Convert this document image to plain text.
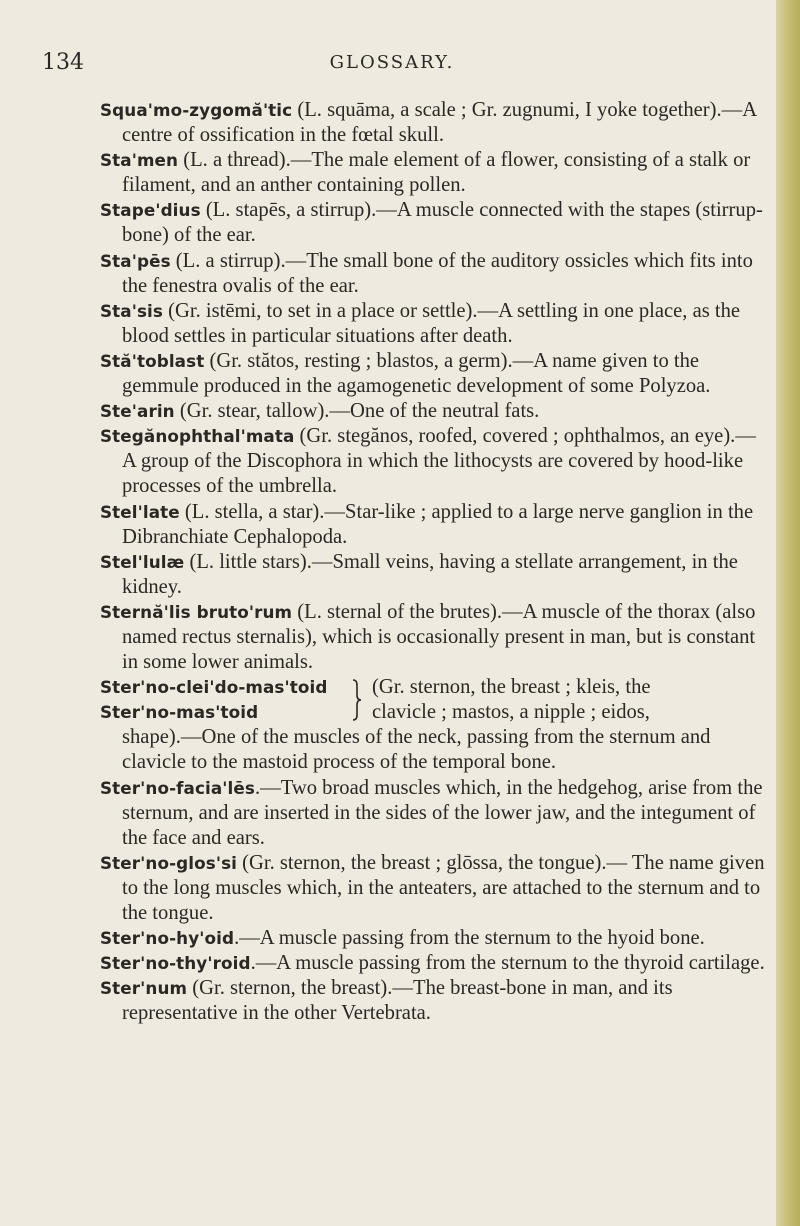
134	GLOSSARY.
Squa'mo-zygomă'tic (L. squāma, a scale ; Gr. zugnumi, I yoke together).—A centre of ossification in the fœtal skull.
Sta'men (L. a thread).—The male element of a flower, consisting of a stalk or filament, and an anther containing pollen.
Stape'dius (L. stapēs, a stirrup).—A muscle connected with the stapes (stirrup-bone) of the ear.
Sta'pēs (L. a stirrup).—The small bone of the auditory ossicles which fits into the fenestra ovalis of the ear.
Sta'sis (Gr. istēmi, to set in a place or settle).—A settling in one place, as the blood settles in particular situations after death.
Stă'toblast (Gr. stătos, resting ; blastos, a germ).—A name given to the gemmule produced in the agamogenetic development of some Polyzoa.
Ste'arin (Gr. stear, tallow).—One of the neutral fats.
Stegănophthal'mata (Gr. stegănos, roofed, covered ; ophthalmos, an eye).—A group of the Discophora in which the lithocysts are covered by hood-like processes of the umbrella.
Stel'late (L. stella, a star).—Star-like ; applied to a large nerve ganglion in the Dibranchiate Cephalopoda.
Stel'lulæ (L. little stars).—Small veins, having a stellate arrangement, in the kidney.
Sternă'lis bruto'rum (L. sternal of the brutes).—A muscle of the thorax (also named rectus sternalis), which is occasionally present in man, but is constant in some lower animals.
Ster'no-clei'do-mas'toid
Ster'no-mas'toid
(Gr. sternon, the breast ; kleis, the
clavicle ; mastos, a nipple ; eidos,
shape).—One of the muscles of the neck, passing from the sternum and clavicle to the mastoid process of the temporal bone.
Ster'no-facia'lēs.—Two broad muscles which, in the hedgehog, arise from the sternum, and are inserted in the sides of the lower jaw, and the integument of the face and ears.
Ster'no-glos'si (Gr. sternon, the breast ; glōssa, the tongue).— The name given to the long muscles which, in the anteaters, are attached to the sternum and to the tongue.
Ster'no-hy'oid.—A muscle passing from the sternum to the hyoid bone.
Ster'no-thy'roid.—A muscle passing from the sternum to the thyroid cartilage.
Ster'num (Gr. sternon, the breast).—The breast-bone in man, and its representative in the other Vertebrata.
